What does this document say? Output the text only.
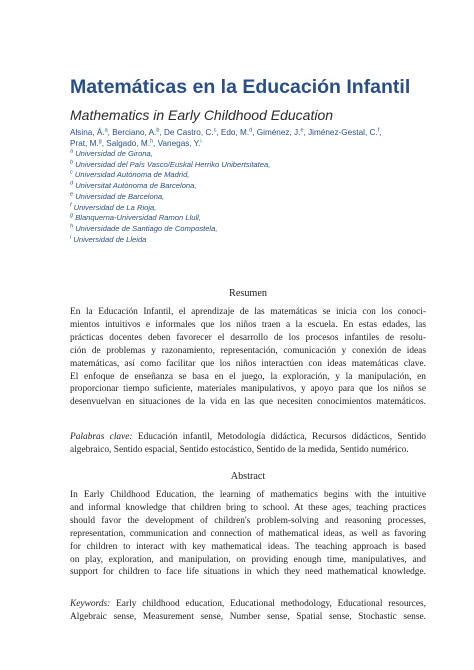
Matemáticas en la Educación Infantil
Mathematics in Early Childhood Education
Alsina, Á.$^a$, Berciano, A.$^b$, De Castro, C.$^c$, Edo, M.$^d$, Giménez, J.$^e$, Jiménez-Gestal, C.$^f$,
Prat, M.$^g$, Salgado, M.$^h$, Vanegas, Y.$^i$
$^a$ Universidad de Girona,
$^b$ Universidad del País Vasco/Euskal Herriko Unibertsitatea,
$^c$ Universidad Autónoma de Madrid,
$^d$ Universitat Autònoma de Barcelona,
$^e$ Universidad de Barcelona,
$^f$ Universidad de La Rioja,
$^g$ Blanquerna-Universidad Ramon Llull,
$^h$ Universidade de Santiago de Compostela,
$^i$ Universidad de Lleida
Resumen
En la Educación Infantil, el aprendizaje de las matemáticas se inicia con los conoci-
mientos intuitivos e informales que los niños traen a la escuela. En estas edades, las
prácticas docentes deben favorecer el desarrollo de los procesos infantiles de resolu-
ción de problemas y razonamiento, representación, comunicación y conexión de ideas
matemáticas, así como facilitar que los niños interactúen con ideas matemáticas clave.
El enfoque de enseñanza se basa en el juego, la exploración, y la manipulación, en
proporcionar tiempo suficiente, materiales manipulativos, y apoyo para que los niños se
desenvuelvan en situaciones de la vida en las que necesiten conocimientos matemáticos.
Palabras clave: Educación infantil, Metodología didáctica, Recursos didácticos, Sentido
algebraico, Sentido espacial, Sentido estocástico, Sentido de la medida, Sentido numérico.
Abstract
In Early Childhood Education, the learning of mathematics begins with the intuitive
and informal knowledge that children bring to school. At these ages, teaching practices
should favor the development of children's problem-solving and reasoning processes,
representation, communication and connection of mathematical ideas, as well as favoring
for children to interact with key mathematical ideas. The teaching approach is based
on play, exploration, and manipulation, on providing enough time, manipulatives, and
support for children to face life situations in which they need mathematical knowledge.
Keywords: Early childhood education, Educational methodology, Educational resources,
Algebraic sense, Measurement sense, Number sense, Spatial sense, Stochastic sense.
